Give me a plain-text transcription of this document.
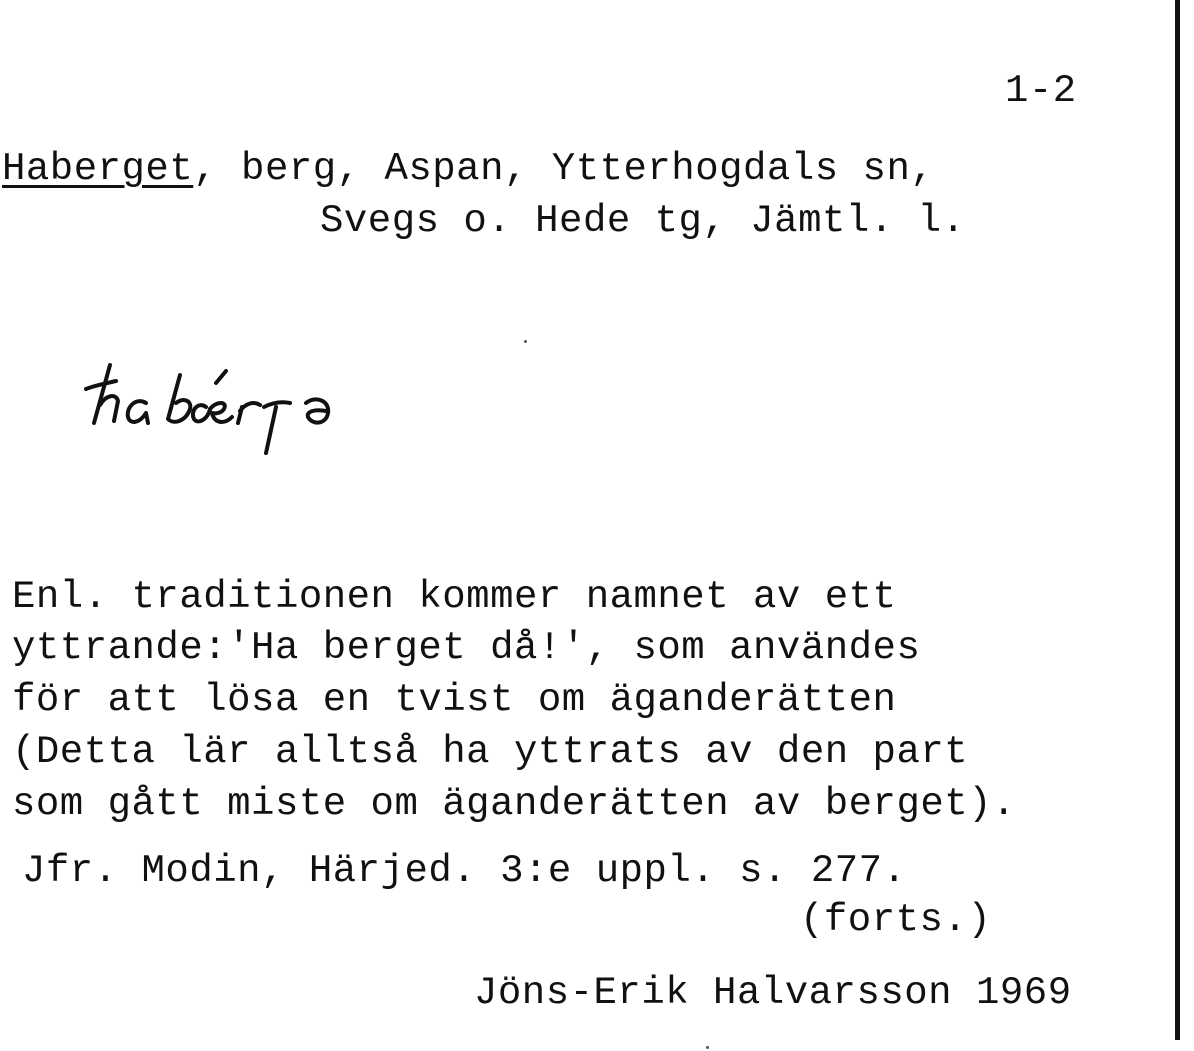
1-2
Haberget, berg, Aspan, Ytterhogdals sn,
Svegs o. Hede tg, Jämtl. l.
Enl. traditionen kommer namnet av ett
yttrande:'Ha berget då!', som användes
för att lösa en tvist om äganderätten
(Detta lär alltså ha yttrats av den part
som gått miste om äganderätten av berget).
Jfr. Modin, Härjed. 3:e uppl. s. 277.
(forts.)
Jöns-Erik Halvarsson 1969
